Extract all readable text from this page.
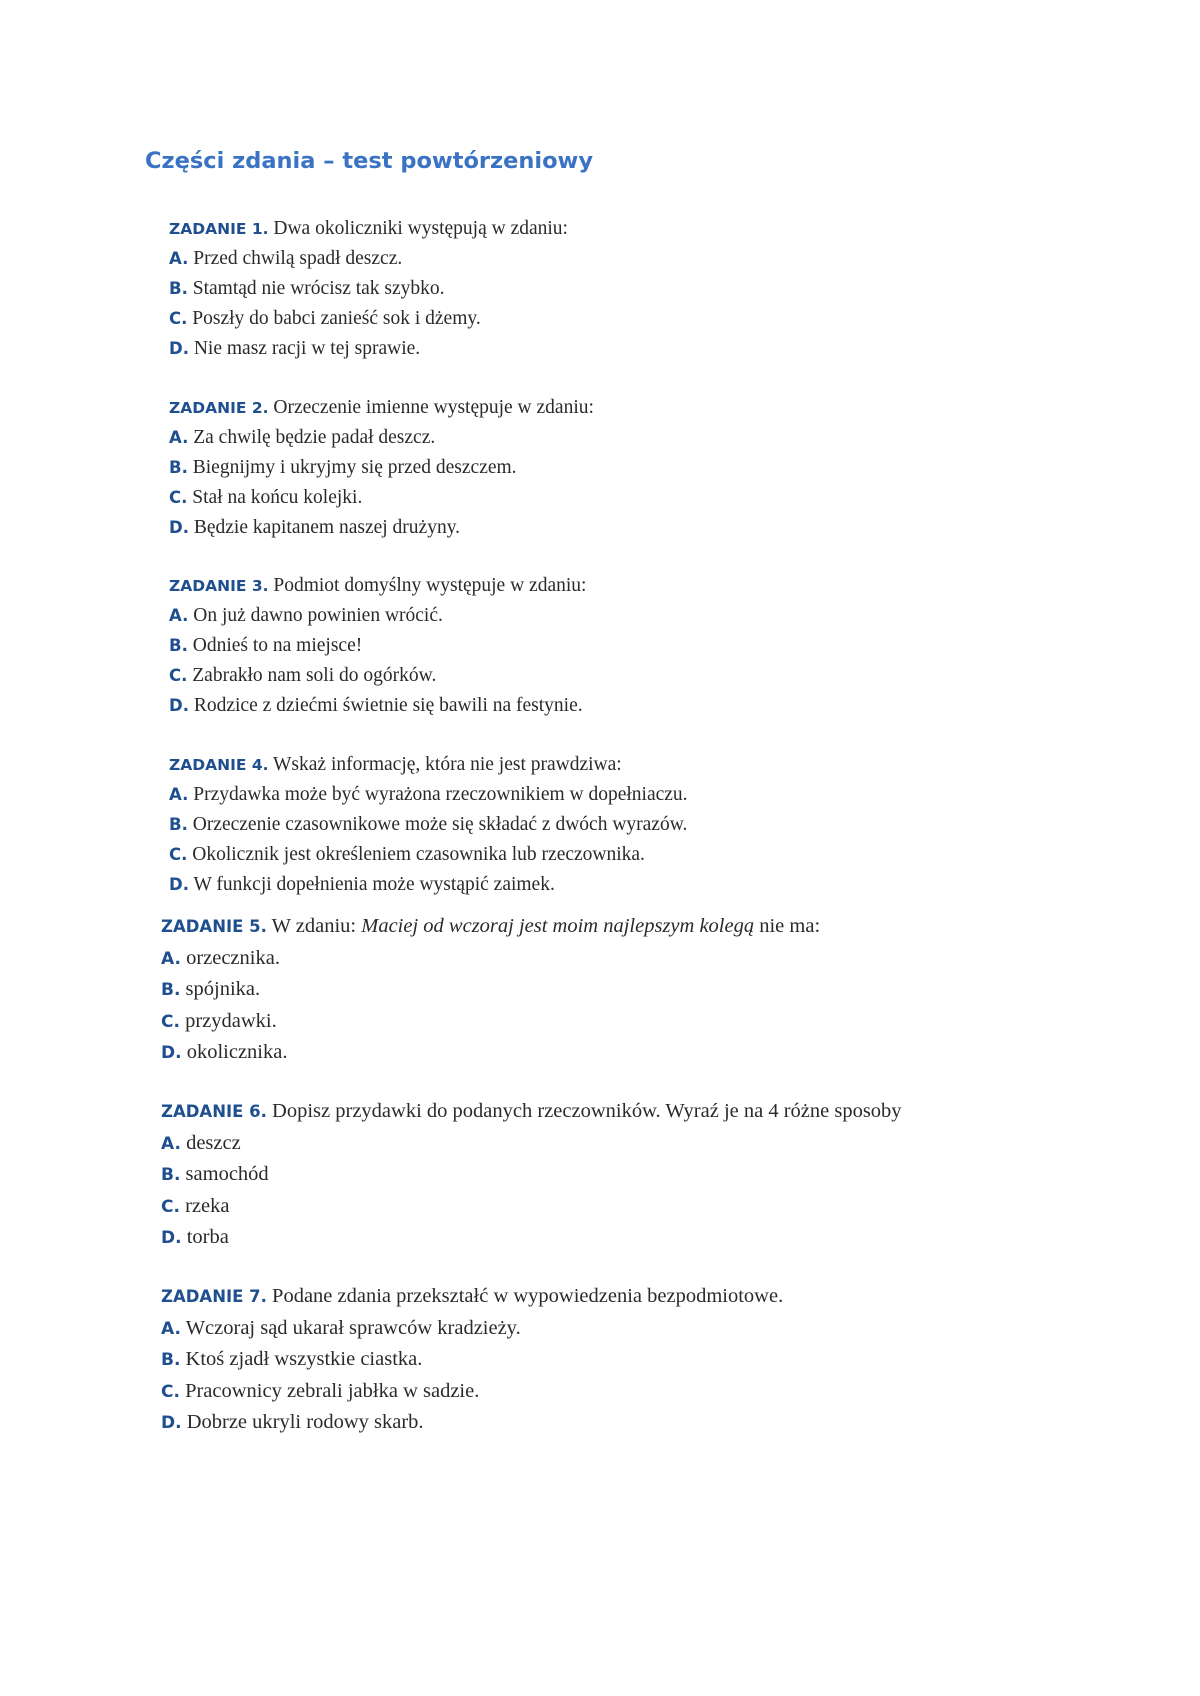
Części zdania – test powtórzeniowy
ZADANIE 1. Dwa okoliczniki występują w zdaniu:
A. Przed chwilą spadł deszcz.
B. Stamtąd nie wrócisz tak szybko.
C. Poszły do babci zanieść sok i dżemy.
D. Nie masz racji w tej sprawie.
ZADANIE 2. Orzeczenie imienne występuje w zdaniu:
A. Za chwilę będzie padał deszcz.
B. Biegnijmy i ukryjmy się przed deszczem.
C. Stał na końcu kolejki.
D. Będzie kapitanem naszej drużyny.
ZADANIE 3. Podmiot domyślny występuje w zdaniu:
A. On już dawno powinien wrócić.
B. Odnieś to na miejsce!
C. Zabrakło nam soli do ogórków.
D. Rodzice z dziećmi świetnie się bawili na festynie.
ZADANIE 4. Wskaż informację, która nie jest prawdziwa:
A. Przydawka może być wyrażona rzeczownikiem w dopełniaczu.
B. Orzeczenie czasownikowe może się składać z dwóch wyrazów.
C. Okolicznik jest określeniem czasownika lub rzeczownika.
D. W funkcji dopełnienia może wystąpić zaimek.
ZADANIE 5. W zdaniu: Maciej od wczoraj jest moim najlepszym kolegą nie ma:
A. orzecznika.
B. spójnika.
C. przydawki.
D. okolicznika.
ZADANIE 6. Dopisz przydawki do podanych rzeczowników. Wyraź je na 4 różne sposoby
A. deszcz
B. samochód
C. rzeka
D. torba
ZADANIE 7. Podane zdania przekształć w wypowiedzenia bezpodmiotowe.
A. Wczoraj sąd ukarał sprawców kradzieży.
B. Ktoś zjadł wszystkie ciastka.
C. Pracownicy zebrali jabłka w sadzie.
D. Dobrze ukryli rodowy skarb.
